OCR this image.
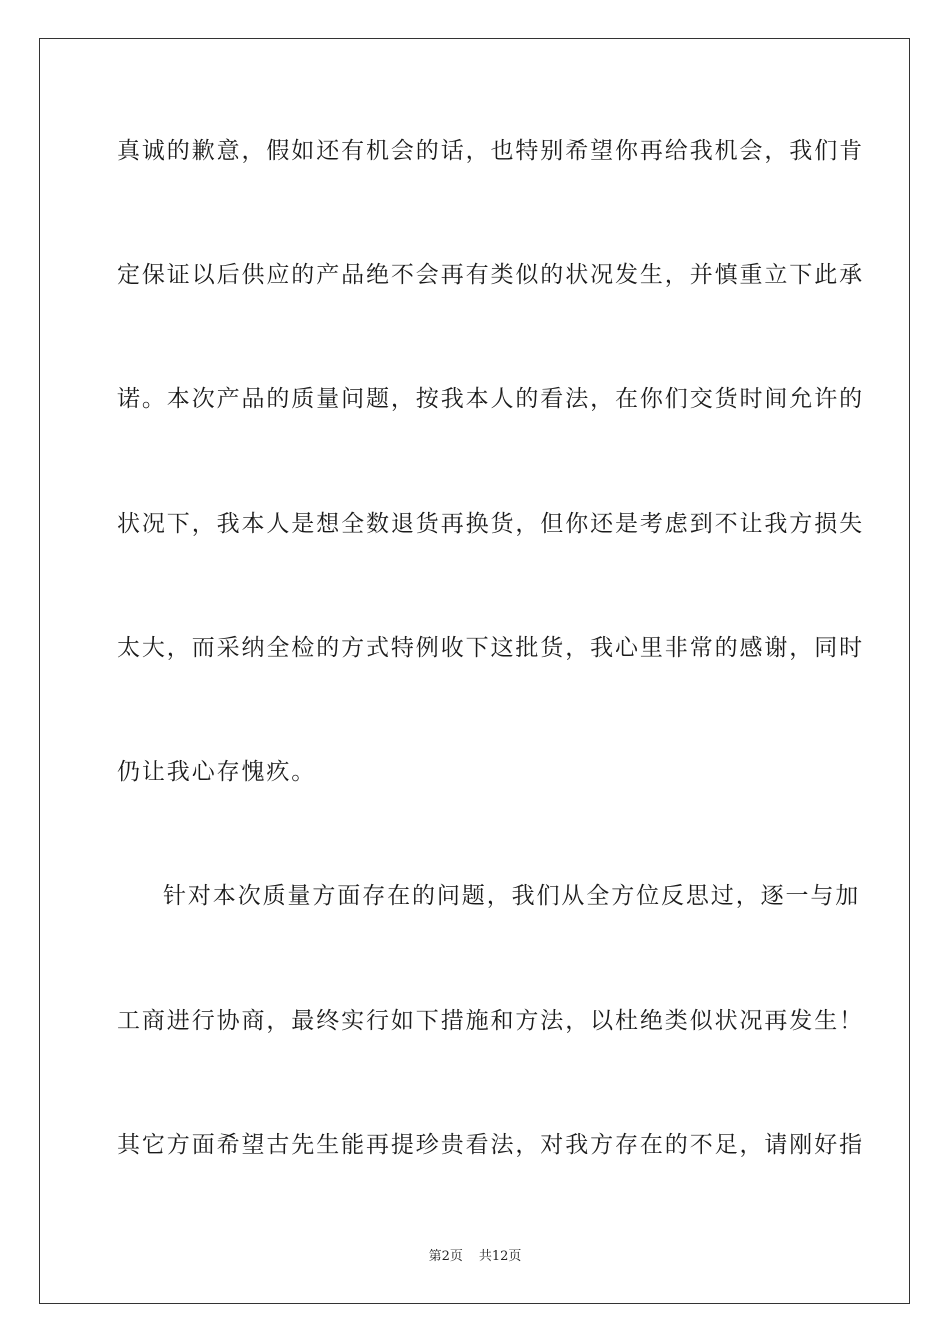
真诚的歉意，假如还有机会的话，也特别希望你再给我机会，我们肯
定保证以后供应的产品绝不会再有类似的状况发生，并慎重立下此承
诺。本次产品的质量问题，按我本人的看法，在你们交货时间允许的
状况下，我本人是想全数退货再换货，但你还是考虑到不让我方损失
太大，而采纳全检的方式特例收下这批货，我心里非常的感谢，同时
仍让我心存愧疚。
针对本次质量方面存在的问题，我们从全方位反思过，逐一与加
工商进行协商，最终实行如下措施和方法，以杜绝类似状况再发生！
其它方面希望古先生能再提珍贵看法，对我方存在的不足，请刚好指
第2页 共12页
